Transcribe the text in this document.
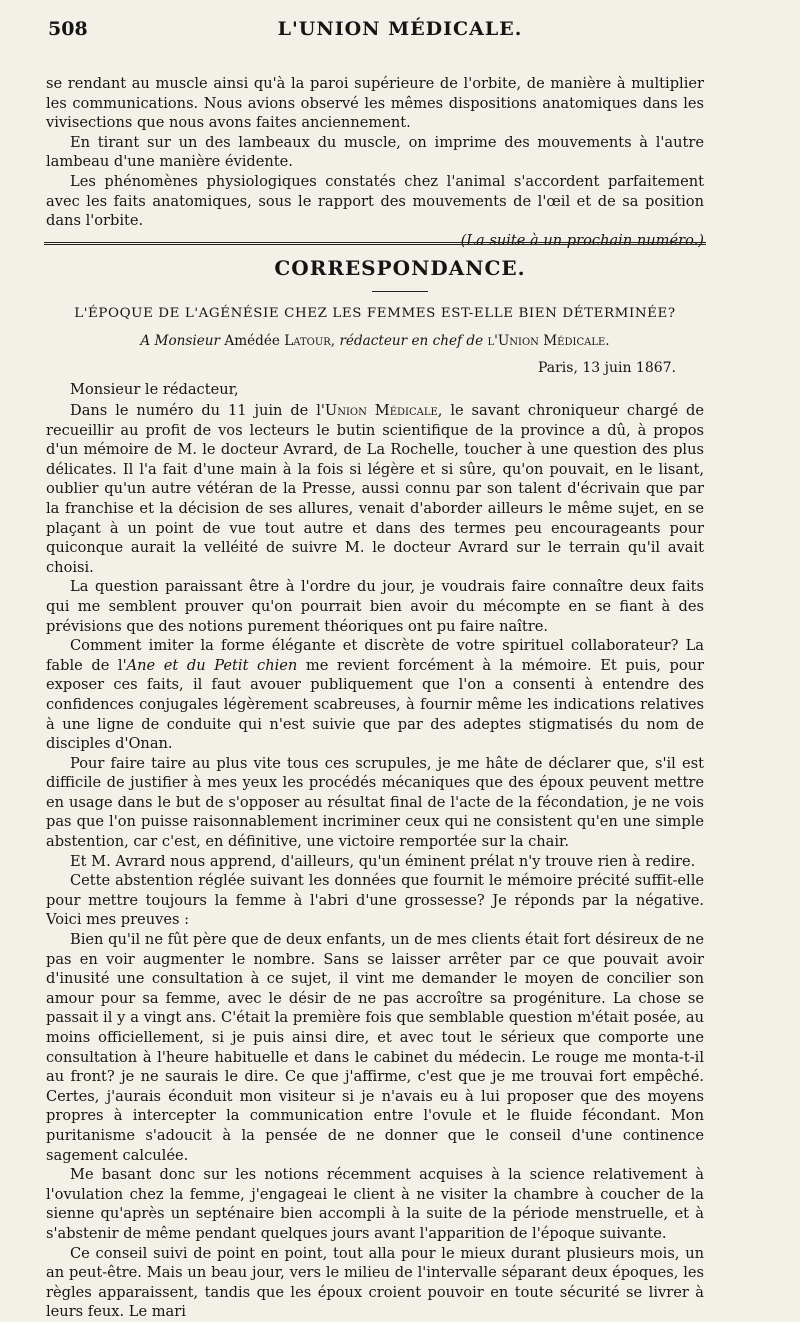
508	L'UNION MÉDICALE.

se rendant au muscle ainsi qu'à la paroi supérieure de l'orbite, de manière à multiplier les communications. Nous avions observé les mêmes dispositions anatomiques dans les vivisections que nous avons faites anciennement.

En tirant sur un des lambeaux du muscle, on imprime des mouvements à l'autre lambeau d'une manière évidente.

Les phénomènes physiologiques constatés chez l'animal s'accordent parfaitement avec les faits anatomiques, sous le rapport des mouvements de l'œil et de sa position dans l'orbite.

(La suite à un prochain numéro.)

CORRESPONDANCE.
L'ÉPOQUE DE L'AGÉNÉSIE CHEZ LES FEMMES EST-ELLE BIEN DÉTERMINÉE?
A Monsieur Amédée Latour, rédacteur en chef de l'Union Médicale.
Paris, 13 juin 1867.
Monsieur le rédacteur,

Dans le numéro du 11 juin de l'Union Médicale, le savant chroniqueur chargé de recueillir au profit de vos lecteurs le butin scientifique de la province a dû, à propos d'un mémoire de M. le docteur Avrard, de La Rochelle, toucher à une question des plus délicates. Il l'a fait d'une main à la fois si légère et si sûre, qu'on pouvait, en le lisant, oublier qu'un autre vétéran de la Presse, aussi connu par son talent d'écrivain que par la franchise et la décision de ses allures, venait d'aborder ailleurs le même sujet, en se plaçant à un point de vue tout autre et dans des termes peu encourageants pour quiconque aurait la velléité de suivre M. le docteur Avrard sur le terrain qu'il avait choisi.

La question paraissant être à l'ordre du jour, je voudrais faire connaître deux faits qui me semblent prouver qu'on pourrait bien avoir du mécompte en se fiant à des prévisions que des notions purement théoriques ont pu faire naître.

Comment imiter la forme élégante et discrète de votre spirituel collaborateur? La fable de l'Ane et du Petit chien me revient forcément à la mémoire. Et puis, pour exposer ces faits, il faut avouer publiquement que l'on a consenti à entendre des confidences conjugales légèrement scabreuses, à fournir même les indications relatives à une ligne de conduite qui n'est suivie que par des adeptes stigmatisés du nom de disciples d'Onan.

Pour faire taire au plus vite tous ces scrupules, je me hâte de déclarer que, s'il est difficile de justifier à mes yeux les procédés mécaniques que des époux peuvent mettre en usage dans le but de s'opposer au résultat final de l'acte de la fécondation, je ne vois pas que l'on puisse raisonnablement incriminer ceux qui ne consistent qu'en une simple abstention, car c'est, en définitive, une victoire remportée sur la chair.

Et M. Avrard nous apprend, d'ailleurs, qu'un éminent prélat n'y trouve rien à redire.

Cette abstention réglée suivant les données que fournit le mémoire précité suffit-elle pour mettre toujours la femme à l'abri d'une grossesse? Je réponds par la négative. Voici mes preuves :

Bien qu'il ne fût père que de deux enfants, un de mes clients était fort désireux de ne pas en voir augmenter le nombre. Sans se laisser arrêter par ce que pouvait avoir d'inusité une consultation à ce sujet, il vint me demander le moyen de concilier son amour pour sa femme, avec le désir de ne pas accroître sa progéniture. La chose se passait il y a vingt ans. C'était la première fois que semblable question m'était posée, au moins officiellement, si je puis ainsi dire, et avec tout le sérieux que comporte une consultation à l'heure habituelle et dans le cabinet du médecin. Le rouge me monta-t-il au front? je ne saurais le dire. Ce que j'affirme, c'est que je me trouvai fort empêché. Certes, j'aurais éconduit mon visiteur si je n'avais eu à lui proposer que des moyens propres à intercepter la communication entre l'ovule et le fluide fécondant. Mon puritanisme s'adoucit à la pensée de ne donner que le conseil d'une continence sagement calculée.

Me basant donc sur les notions récemment acquises à la science relativement à l'ovulation chez la femme, j'engageai le client à ne visiter la chambre à coucher de la sienne qu'après un septénaire bien accompli à la suite de la période menstruelle, et à s'abstenir de même pendant quelques jours avant l'apparition de l'époque suivante.

Ce conseil suivi de point en point, tout alla pour le mieux durant plusieurs mois, un an peut-être. Mais un beau jour, vers le milieu de l'intervalle séparant deux époques, les règles apparaissent, tandis que les époux croient pouvoir en toute sécurité se livrer à leurs feux. Le mari
